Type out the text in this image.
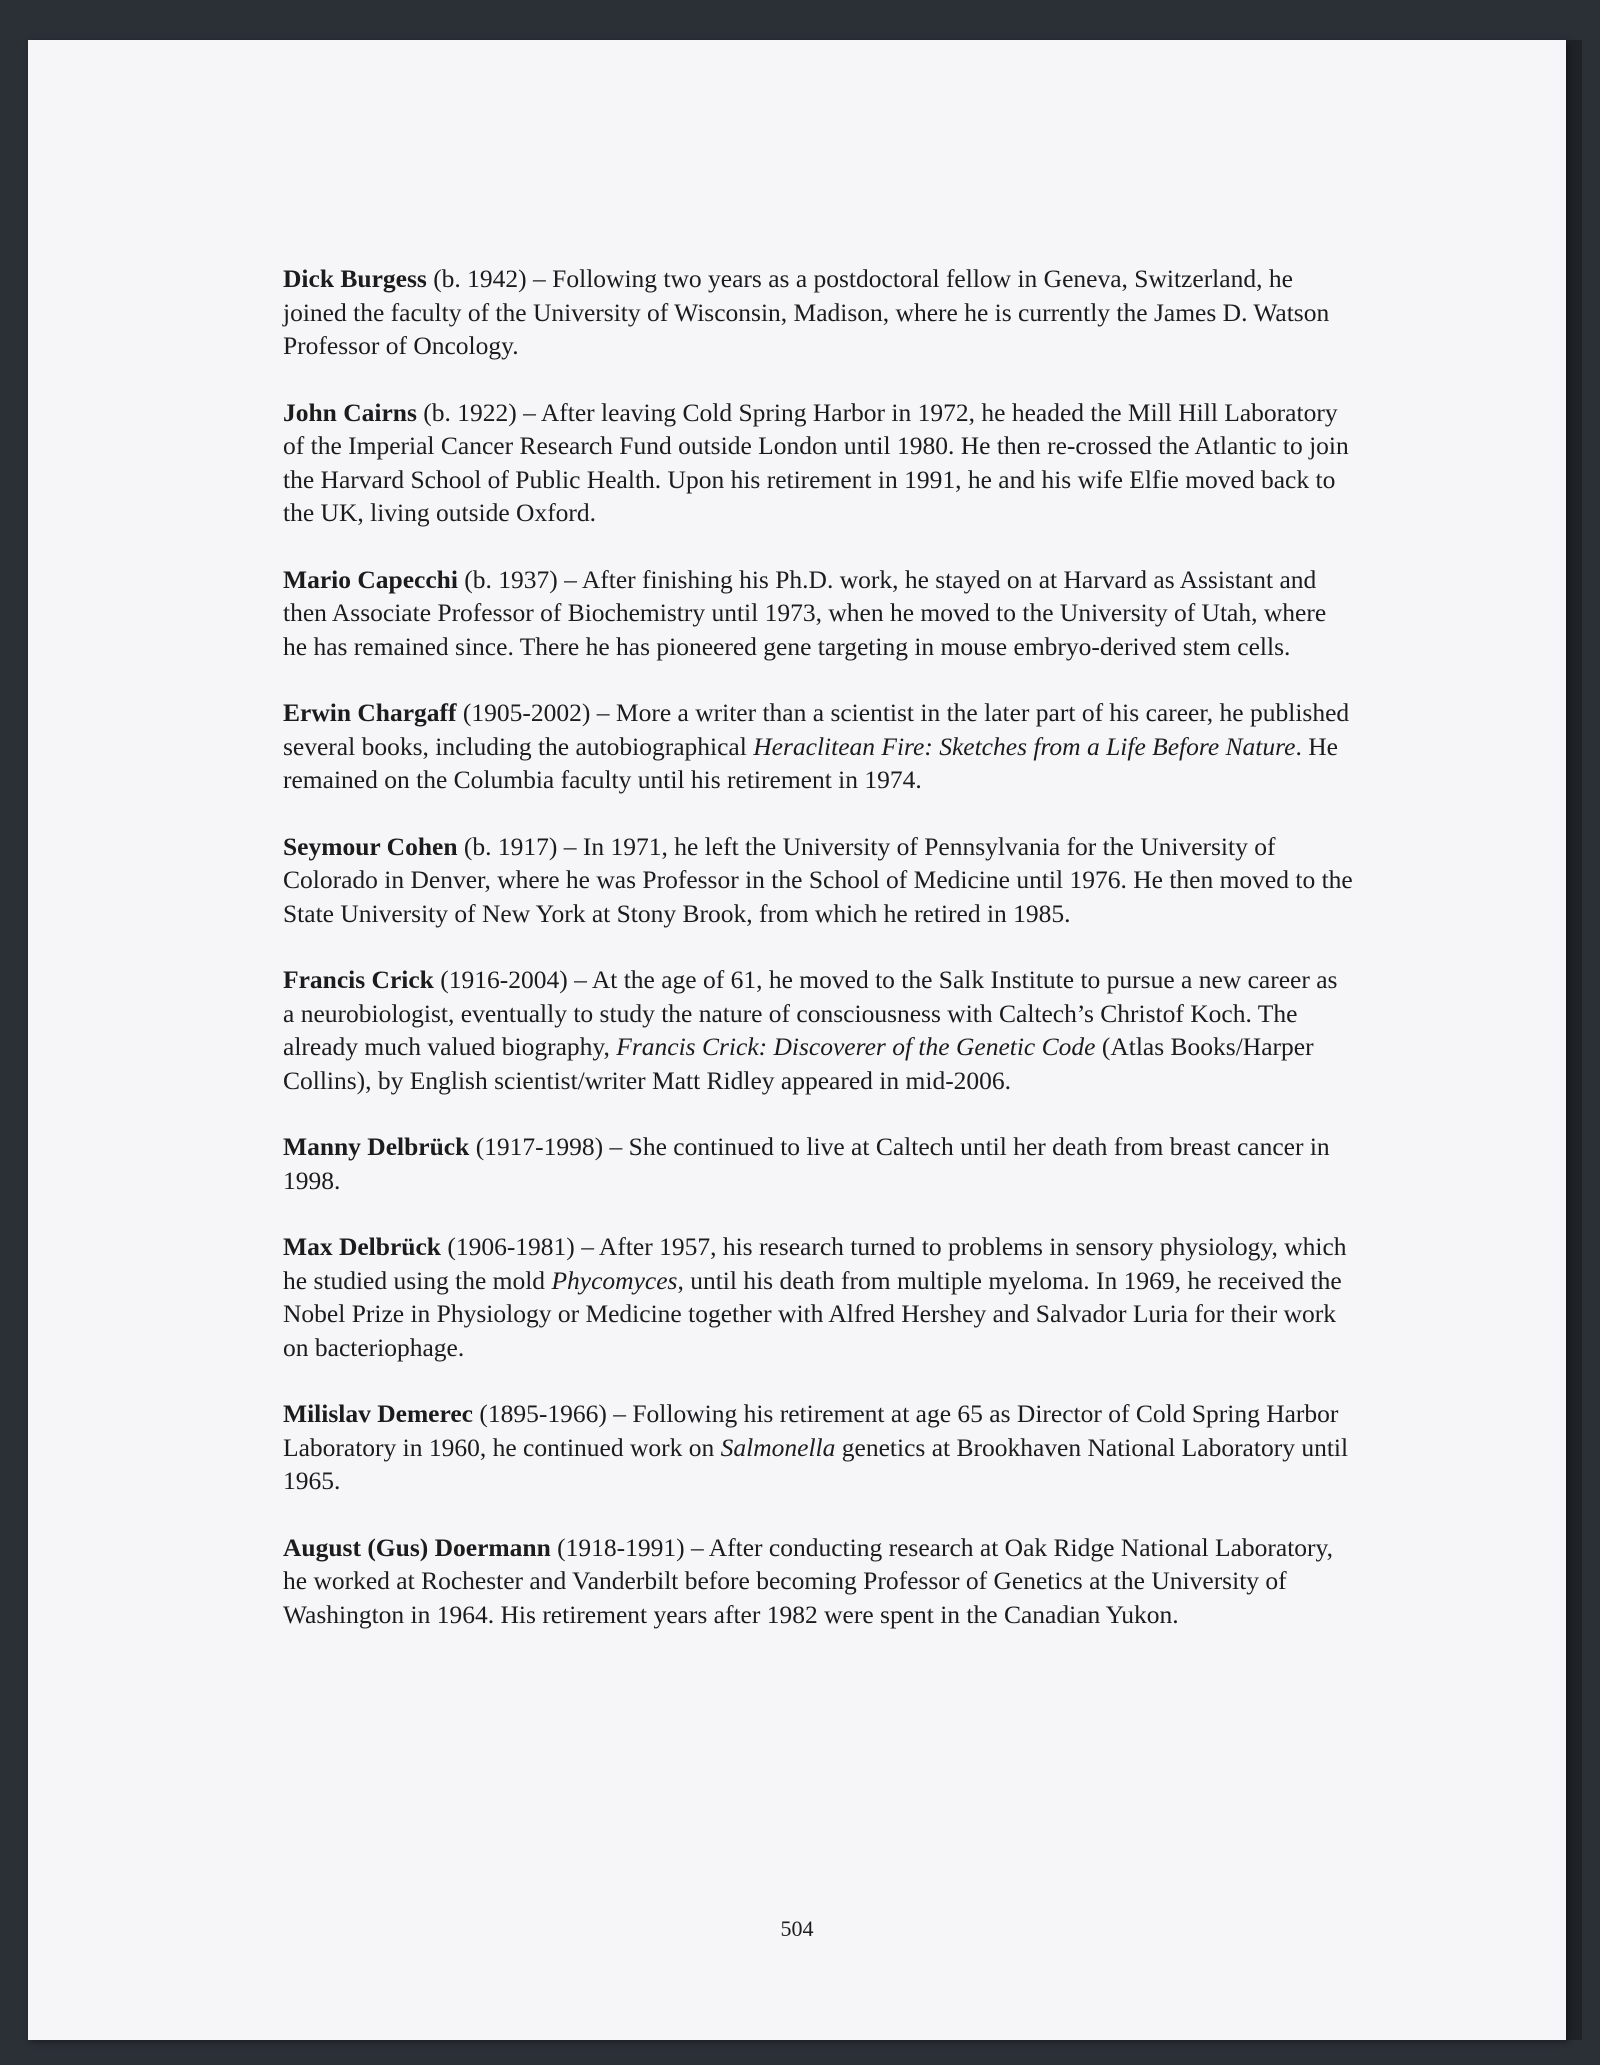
Dick Burgess (b. 1942) – Following two years as a postdoctoral fellow in Geneva, Switzerland, he joined the faculty of the University of Wisconsin, Madison, where he is currently the James D. Watson Professor of Oncology.

John Cairns (b. 1922) – After leaving Cold Spring Harbor in 1972, he headed the Mill Hill Laboratory of the Imperial Cancer Research Fund outside London until 1980. He then re-crossed the Atlantic to join the Harvard School of Public Health. Upon his retirement in 1991, he and his wife Elfie moved back to the UK, living outside Oxford.

Mario Capecchi (b. 1937) – After finishing his Ph.D. work, he stayed on at Harvard as Assistant and then Associate Professor of Biochemistry until 1973, when he moved to the University of Utah, where he has remained since. There he has pioneered gene targeting in mouse embryo-derived stem cells.

Erwin Chargaff (1905-2002) – More a writer than a scientist in the later part of his career, he published several books, including the autobiographical Heraclitean Fire: Sketches from a Life Before Nature. He remained on the Columbia faculty until his retirement in 1974.

Seymour Cohen (b. 1917) – In 1971, he left the University of Pennsylvania for the University of Colorado in Denver, where he was Professor in the School of Medicine until 1976. He then moved to the State University of New York at Stony Brook, from which he retired in 1985.

Francis Crick (1916-2004) – At the age of 61, he moved to the Salk Institute to pursue a new career as a neurobiologist, eventually to study the nature of consciousness with Caltech’s Christof Koch. The already much valued biography, Francis Crick: Discoverer of the Genetic Code (Atlas Books/Harper Collins), by English scientist/writer Matt Ridley appeared in mid-2006.

Manny Delbrück (1917-1998) – She continued to live at Caltech until her death from breast cancer in 1998.

Max Delbrück (1906-1981) – After 1957, his research turned to problems in sensory physiology, which he studied using the mold Phycomyces, until his death from multiple myeloma. In 1969, he received the Nobel Prize in Physiology or Medicine together with Alfred Hershey and Salvador Luria for their work on bacteriophage.

Milislav Demerec (1895-1966) – Following his retirement at age 65 as Director of Cold Spring Harbor Laboratory in 1960, he continued work on Salmonella genetics at Brookhaven National Laboratory until 1965.

August (Gus) Doermann (1918-1991) – After conducting research at Oak Ridge National Laboratory, he worked at Rochester and Vanderbilt before becoming Professor of Genetics at the University of Washington in 1964. His retirement years after 1982 were spent in the Canadian Yukon.

504
